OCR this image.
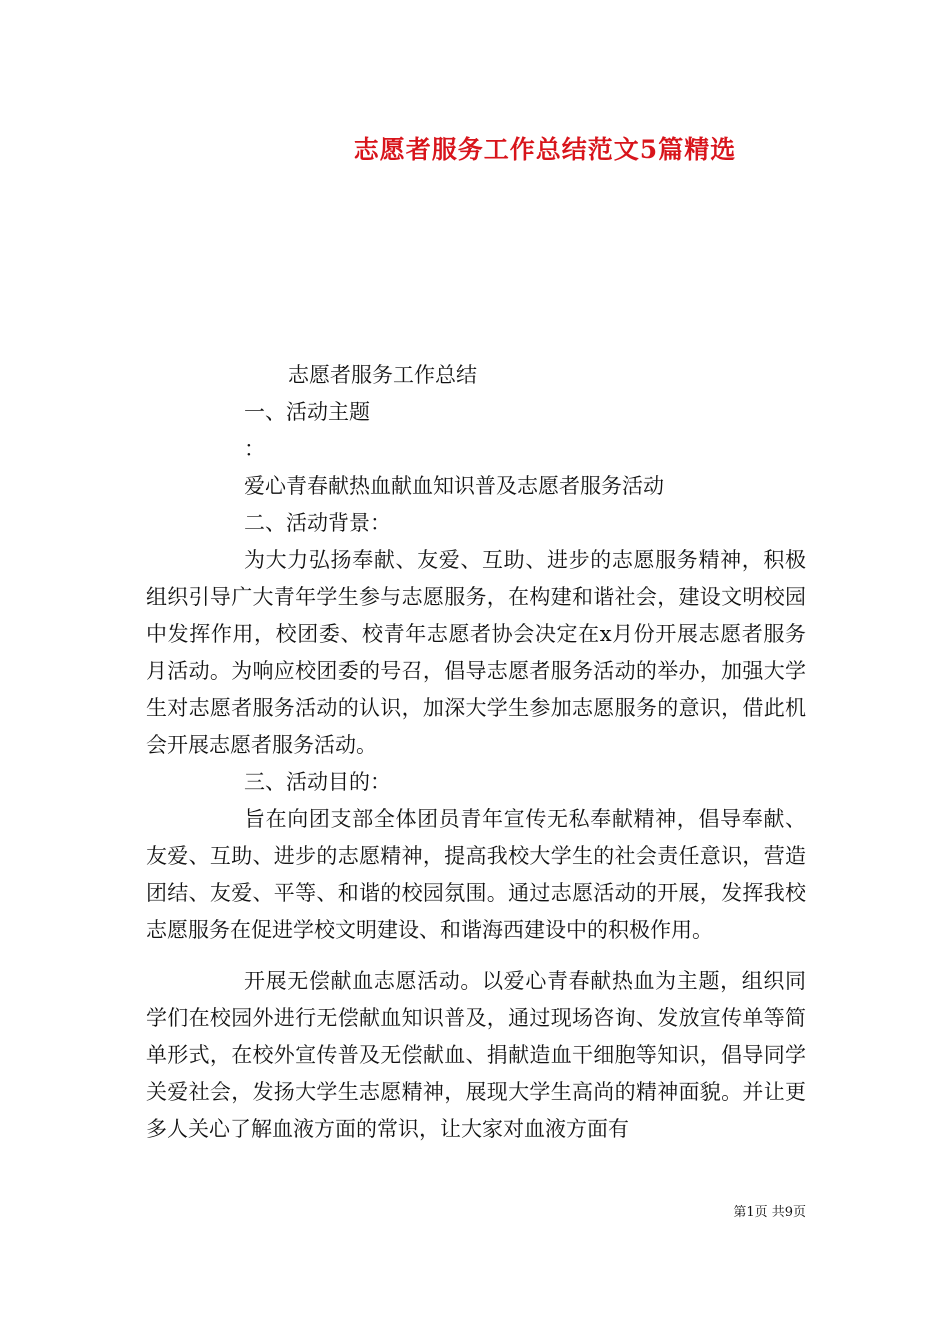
志愿者服务工作总结范文5篇精选

志愿者服务工作总结

一、活动主题

：

爱心青春献热血献血知识普及志愿者服务活动

二、活动背景：

为大力弘扬奉献、友爱、互助、进步的志愿服务精神，积极组织引导广大青年学生参与志愿服务，在构建和谐社会，建设文明校园中发挥作用，校团委、校青年志愿者协会决定在x月份开展志愿者服务月活动。为响应校团委的号召，倡导志愿者服务活动的举办，加强大学生对志愿者服务活动的认识，加深大学生参加志愿服务的意识，借此机会开展志愿者服务活动。

三、活动目的：

旨在向团支部全体团员青年宣传无私奉献精神，倡导奉献、友爱、互助、进步的志愿精神，提高我校大学生的社会责任意识，营造团结、友爱、平等、和谐的校园氛围。通过志愿活动的开展，发挥我校志愿服务在促进学校文明建设、和谐海西建设中的积极作用。

开展无偿献血志愿活动。以爱心青春献热血为主题，组织同学们在校园外进行无偿献血知识普及，通过现场咨询、发放宣传单等简单形式，在校外宣传普及无偿献血、捐献造血干细胞等知识，倡导同学关爱社会，发扬大学生志愿精神，展现大学生高尚的精神面貌。并让更多人关心了解血液方面的常识，让大家对血液方面有

第1页 共9页
